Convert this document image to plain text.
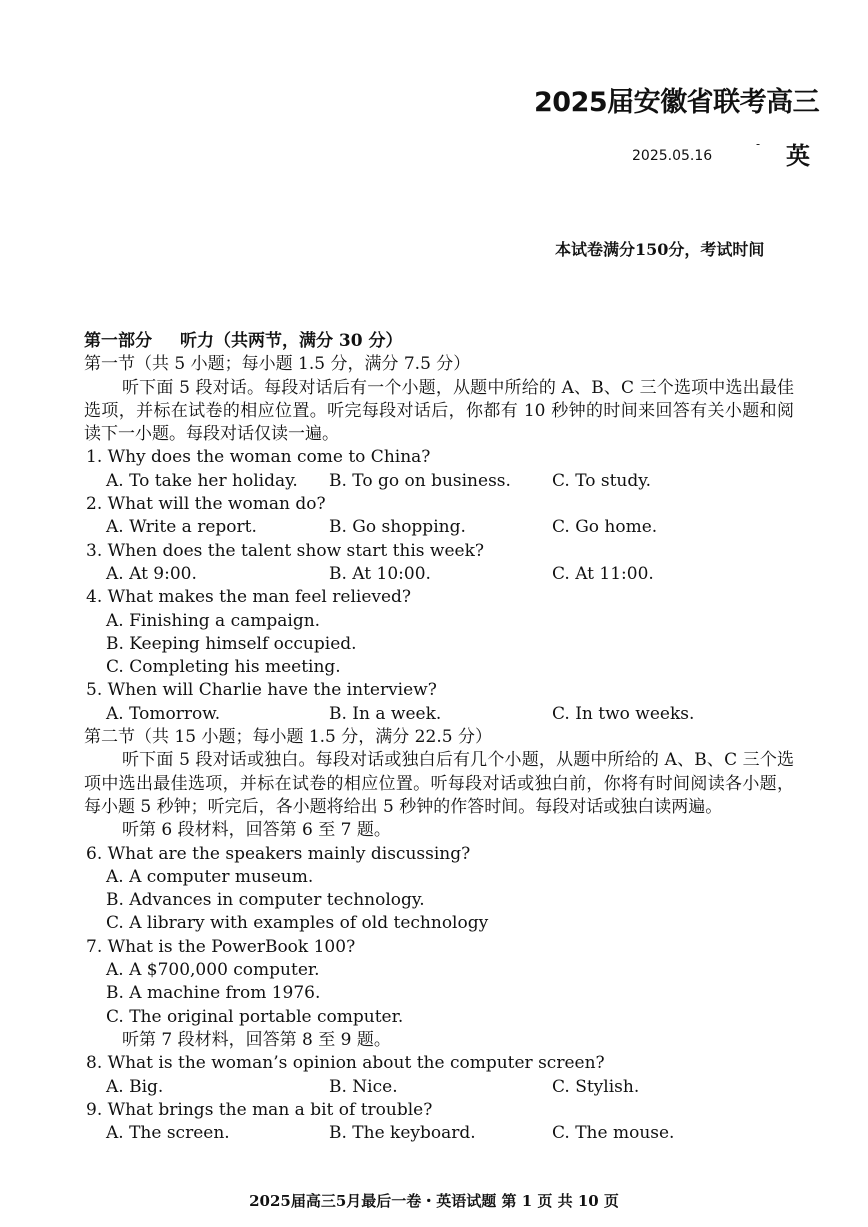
2025届安徽省联考高三
2025.05.16
- 英
本试卷满分150分，考试时间
第一部分 听力（共两节，满分 30 分）
第一节（共 5 小题；每小题 1.5 分，满分 7.5 分）
听下面 5 段对话。每段对话后有一个小题，从题中所给的 A、B、C 三个选项中选出最佳选项，并标在试卷的相应位置。听完每段对话后，你都有 10 秒钟的时间来回答有关小题和阅读下一小题。每段对话仅读一遍。
1. Why does the woman come to China?
A. To take her holiday.	B. To go on business.	C. To study.
2. What will the woman do?
A. Write a report.	B. Go shopping.	C. Go home.
3. When does the talent show start this week?
A. At 9:00.	B. At 10:00.	C. At 11:00.
4. What makes the man feel relieved?
A. Finishing a campaign.
B. Keeping himself occupied.
C. Completing his meeting.
5. When will Charlie have the interview?
A. Tomorrow.	B. In a week.	C. In two weeks.
第二节（共 15 小题；每小题 1.5 分，满分 22.5 分）
听下面 5 段对话或独白。每段对话或独白后有几个小题，从题中所给的 A、B、C 三个选项中选出最佳选项，并标在试卷的相应位置。听每段对话或独白前，你将有时间阅读各小题，每小题 5 秒钟；听完后，各小题将给出 5 秒钟的作答时间。每段对话或独白读两遍。
听第 6 段材料，回答第 6 至 7 题。
6. What are the speakers mainly discussing?
A. A computer museum.
B. Advances in computer technology.
C. A library with examples of old technology
7. What is the PowerBook 100?
A. A $700,000 computer.
B. A machine from 1976.
C. The original portable computer.
听第 7 段材料，回答第 8 至 9 题。
8. What is the woman’s opinion about the computer screen?
A. Big.	B. Nice.	C. Stylish.
9. What brings the man a bit of trouble?
A. The screen.	B. The keyboard.	C. The mouse.
2025届高三5月最后一卷・英语试题 第 1 页 共 10 页
